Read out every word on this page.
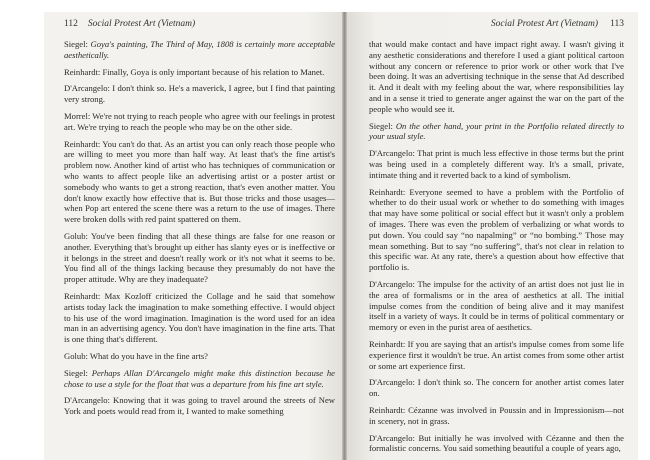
112 Social Protest Art (Vietnam)

Siegel: Goya's painting, The Third of May, 1808 is certainly more acceptable aesthetically.

Reinhardt: Finally, Goya is only important because of his relation to Manet.

D'Arcangelo: I don't think so. He's a maverick, I agree, but I find that painting very strong.

Morrel: We're not trying to reach people who agree with our feelings in protest art. We're trying to reach the people who may be on the other side.

Reinhardt: You can't do that. As an artist you can only reach those people who are willing to meet you more than half way. At least that's the fine artist's problem now. Another kind of artist who has techniques of communication or who wants to affect people like an advertising artist or a poster artist or somebody who wants to get a strong reaction, that's even another matter. You don't know exactly how effective that is. But those tricks and those usages—when Pop art entered the scene there was a return to the use of images. There were broken dolls with red paint spattered on them.

Golub: You've been finding that all these things are false for one reason or another. Everything that's brought up either has slanty eyes or is ineffective or it belongs in the street and doesn't really work or it's not what it seems to be. You find all of the things lacking because they presumably do not have the proper attitude. Why are they inadequate?

Reinhardt: Max Kozloff criticized the Collage and he said that somehow artists today lack the imagination to make something effective. I would object to his use of the word imagination. Imagination is the word used for an idea man in an advertising agency. You don't have imagination in the fine arts. That is one thing that's different.

Golub: What do you have in the fine arts?

Siegel: Perhaps Allan D'Arcangelo might make this distinction because he chose to use a style for the float that was a departure from his fine art style.

D'Arcangelo: Knowing that it was going to travel around the streets of New York and poets would read from it, I wanted to make something

Social Protest Art (Vietnam) 113

that would make contact and have impact right away. I wasn't giving it any aesthetic considerations and therefore I used a giant political cartoon without any concern or reference to prior work or other work that I've been doing. It was an advertising technique in the sense that Ad described it. And it dealt with my feeling about the war, where responsibilities lay and in a sense it tried to generate anger against the war on the part of the people who would see it.

Siegel: On the other hand, your print in the Portfolio related directly to your usual style.

D'Arcangelo: That print is much less effective in those terms but the print was being used in a completely different way. It's a small, private, intimate thing and it reverted back to a kind of symbolism.

Reinhardt: Everyone seemed to have a problem with the Portfolio of whether to do their usual work or whether to do something with images that may have some political or social effect but it wasn't only a problem of images. There was even the problem of verbalizing or what words to put down. You could say “no napalming” or “no bombing.” Those may mean something. But to say “no suffering”, that's not clear in relation to this specific war. At any rate, there's a question about how effective that portfolio is.

D'Arcangelo: The impulse for the activity of an artist does not just lie in the area of formalisms or in the area of aesthetics at all. The initial impulse comes from the condition of being alive and it may manifest itself in a variety of ways. It could be in terms of political commentary or memory or even in the purist area of aesthetics.

Reinhardt: If you are saying that an artist's impulse comes from some life experience first it wouldn't be true. An artist comes from some other artist or some art experience first.

D'Arcangelo: I don't think so. The concern for another artist comes later on.

Reinhardt: Cézanne was involved in Poussin and in Impressionism—not in scenery, not in grass.

D'Arcangelo: But initially he was involved with Cézanne and then the formalistic concerns. You said something beautiful a couple of years ago,
